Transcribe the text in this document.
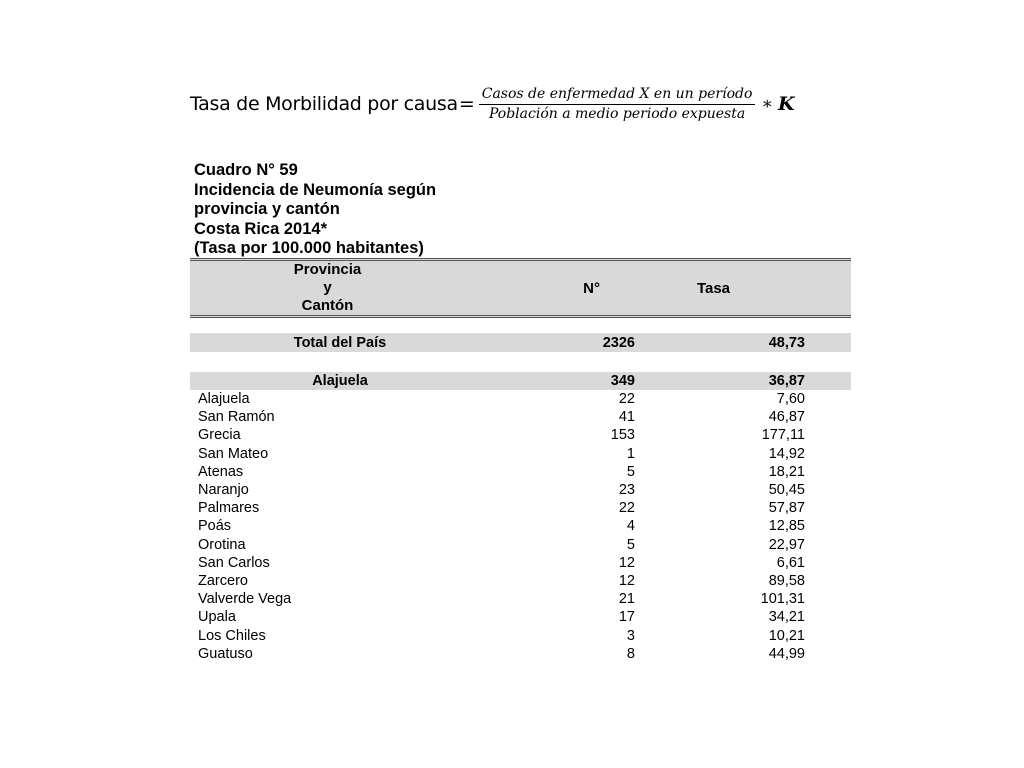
Tasa de Morbilidad por causa = $\frac{\text{Casos de enfermedad X en un período}}{\text{Población a medio periodo expuesta}}$ ∗ K
Cuadro N° 59
Incidencia de Neumonía según
provincia y cantón
Costa Rica 2014*
(Tasa por 100.000 habitantes)
Provincia
y
Cantón
N°	Tasa
Total del País	2326	48,73
Alajuela	349	36,87
Alajuela	22	7,60
San Ramón	41	46,87
Grecia	153	177,11
San Mateo	1	14,92
Atenas	5	18,21
Naranjo	23	50,45
Palmares	22	57,87
Poás	4	12,85
Orotina	5	22,97
San Carlos	12	6,61
Zarcero	12	89,58
Valverde Vega	21	101,31
Upala	17	34,21
Los Chiles	3	10,21
Guatuso	8	44,99
